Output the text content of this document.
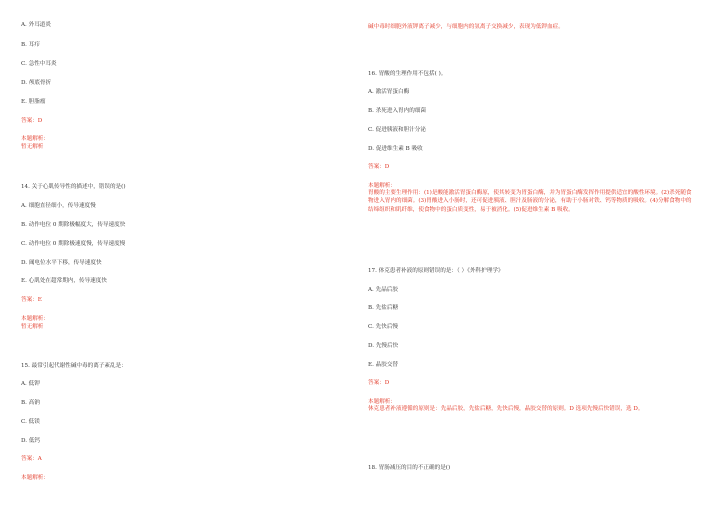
A. 外耳道炎
B. 耳疖
C. 急性中耳炎
D. 颅底骨折
E. 胆脂瘤
答案：D
本题解析：
暂无解析
14. 关于心肌传导性的描述中，错误的是()
A. 细胞直径细小，传导速度慢
B. 动作电位 0 期除极幅度大，传导速度快
C. 动作电位 0 期除极速度慢，传导速度慢
D. 阈电位水平下移，传导速度快
E. 心肌处在超常期内，传导速度快
答案：E
本题解析：
暂无解析
15. 最常引起代谢性碱中毒的离子紊乱是：
A. 低钾
B. 高钠
C. 低镁
D. 低钙
答案：A
本题解析：
碱中毒时细胞外液钾离子减少，与细胞内的氢离子交换减少，表现为低钾血症。
16. 胃酸的生理作用不包括( )。
A. 激活胃蛋白酶
B. 杀死进入胃内的细菌
C. 促进胰液和胆汁分泌
D. 促进维生素 B 吸收
答案：D
本题解析：
胃酸的主要生理作用：(1)是酸能激活胃蛋白酶原，使其转变为胃蛋白酶，并为胃蛋白酶发挥作用提供适宜的酸性环境。(2)杀死随食物进入胃内的细菌。(3)胃酸进入小肠时，还可促进胰液、胆汁及肠液的分泌，有助于小肠对铁、钙等物质的吸收。(4)分解食物中的结缔组织和肌纤维，使食物中的蛋白质变性，易于被消化。(5)促进维生素 B 吸收。
17. 体克患者补液的原则错误的是：（ ）《外科护理学》
A. 先晶后胶
B. 先盐后糖
C. 先快后慢
D. 先慢后快
E. 晶胶交替
答案：D
本题解析：
休克患者补液遵循的原则是：先晶后胶，先盐后糖，先快后慢，晶胶交替的原则。D 选项先慢后快错误，选 D。
18. 胃肠减压的目的不正确的是()
